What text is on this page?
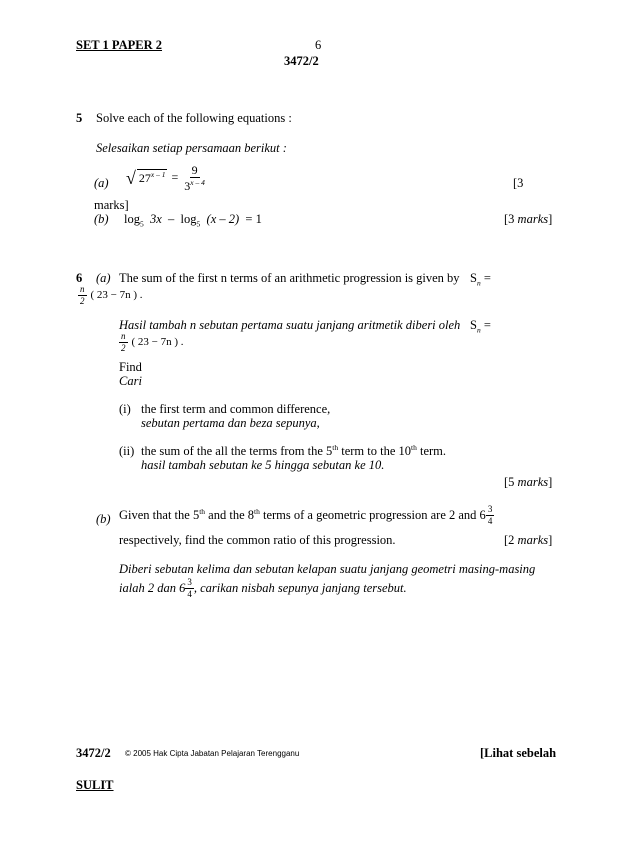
SET 1 PAPER 2	6
3472/2
5 Solve each of the following equations :
Selesaikan setiap persamaan berikut :
(a) √ $27^{x - 1} = \frac{9}{3^{x - 4}}$	[3
marks]
(b) $\log_5 3x - \log_5 (x - 2) = 1$	[3 marks]
6 (a) The sum of the first n terms of an arithmetic progression is given by $S_n$ =
$\frac{n}{2}$ ( 23 − 7n ) .
Hasil tambah n sebutan pertama suatu janjang aritmetik diberi oleh $S_n$ =
$\frac{n}{2}$ ( 23 − 7n ) .
Find
Cari
(i) the first term and common difference,
sebutan pertama dan beza sepunya,
(ii) the sum of the all the terms from the 5th term to the 10th term.
hasil tambah sebutan ke 5 hingga sebutan ke 10.
[5 marks]
(b) Given that the 5th and the 8th terms of a geometric progression are 2 and $6 \frac{3}{4}$
respectively, find the common ratio of this progression.	[2 marks]
Diberi sebutan kelima dan sebutan kelapan suatu janjang geometri masing-masing
ialah 2 dan $6 \frac{3}{4}$ , carikan nisbah sepunya janjang tersebut.
3472/2 © 2005 Hak Cipta Jabatan Pelajaran Terengganu	[Lihat sebelah
SULIT
